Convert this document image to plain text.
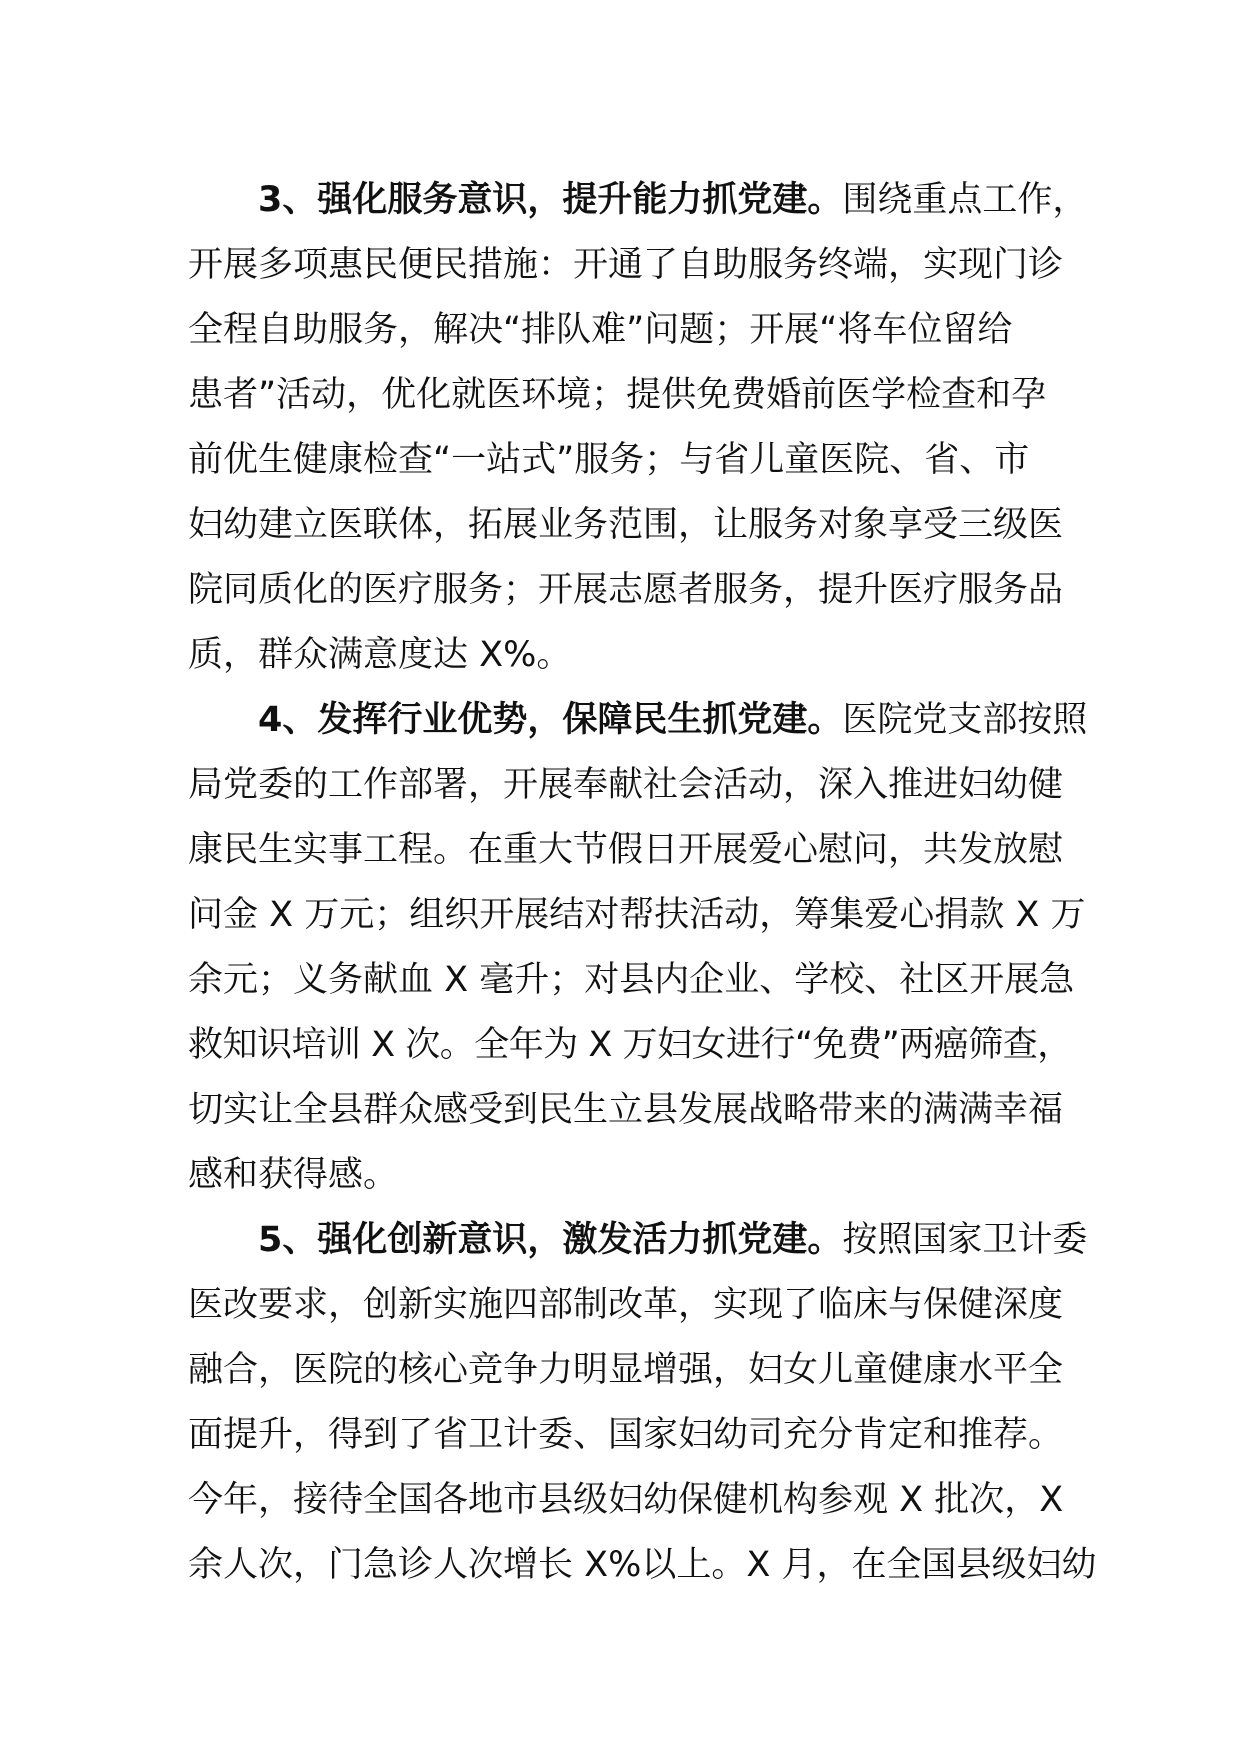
3、强化服务意识，提升能力抓党建。围绕重点工作，
开展多项惠民便民措施：开通了自助服务终端，实现门诊
全程自助服务，解决“排队难”问题；开展“将车位留给
患者”活动，优化就医环境；提供免费婚前医学检查和孕
前优生健康检查“一站式”服务；与省儿童医院、省、市
妇幼建立医联体，拓展业务范围，让服务对象享受三级医
院同质化的医疗服务；开展志愿者服务，提升医疗服务品
质，群众满意度达 X%。
4、发挥行业优势，保障民生抓党建。医院党支部按照
局党委的工作部署，开展奉献社会活动，深入推进妇幼健
康民生实事工程。在重大节假日开展爱心慰问，共发放慰
问金 X 万元；组织开展结对帮扶活动，筹集爱心捐款 X 万
余元；义务献血 X 毫升；对县内企业、学校、社区开展急
救知识培训 X 次。全年为 X 万妇女进行“免费”两癌筛查，
切实让全县群众感受到民生立县发展战略带来的满满幸福
感和获得感。
5、强化创新意识，激发活力抓党建。按照国家卫计委
医改要求，创新实施四部制改革，实现了临床与保健深度
融合，医院的核心竞争力明显增强，妇女儿童健康水平全
面提升，得到了省卫计委、国家妇幼司充分肯定和推荐。
今年，接待全国各地市县级妇幼保健机构参观 X 批次，X
余人次，门急诊人次增长 X%以上。X 月，在全国县级妇幼
